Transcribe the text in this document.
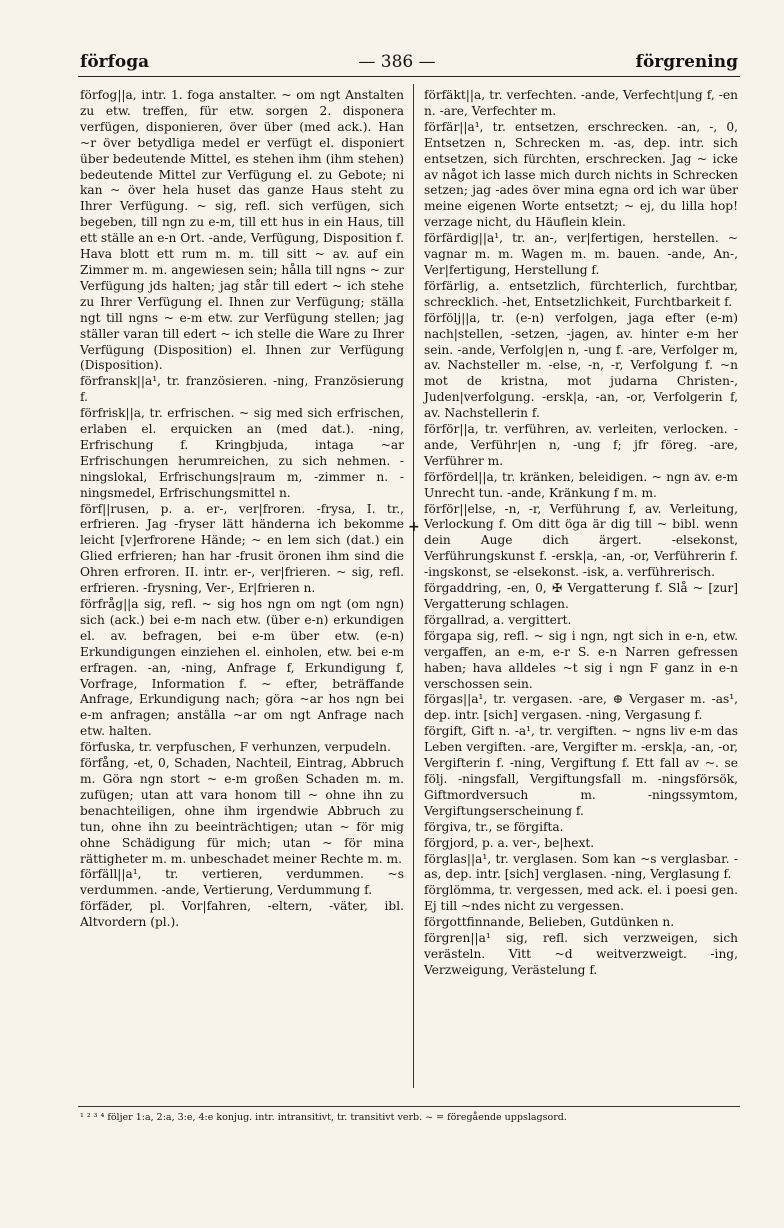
förfoga	— 386 —	förgrening

förfog||a, intr. 1. foga anstalter. ~ om ngt Anstalten zu etw. treffen, für etw. sorgen 2. disponera verfügen, disponieren, över über (med ack.). Han ~r över betydliga medel er verfügt el. disponiert über bedeutende Mittel, es stehen ihm (ihm stehen) bedeutende Mittel zur Verfügung el. zu Gebote; ni kan ~ över hela huset das ganze Haus steht zu Ihrer Verfügung. ~ sig, refl. sich verfügen, sich begeben, till ngn zu e-m, till ett hus in ein Haus, till ett ställe an e-n Ort. -ande, Verfügung, Disposition f. Hava blott ett rum m. m. till sitt ~ av. auf ein Zimmer m. m. angewiesen sein; hålla till ngns ~ zur Verfügung jds halten; jag står till edert ~ ich stehe zu Ihrer Verfügung el. Ihnen zur Verfügung; ställa ngt till ngns ~ e-m etw. zur Verfügung stellen; jag ställer varan till edert ~ ich stelle die Ware zu Ihrer Verfügung (Disposition) el. Ihnen zur Verfügung (Disposition).

förfransk||a¹, tr. französieren. -ning, Französierung f.

förfrisk||a, tr. erfrischen. ~ sig med sich erfrischen, erlaben el. erquicken an (med dat.). -ning, Erfrischung f. Kringbjuda, intaga ~ar Erfrischungen herumreichen, zu sich nehmen. -ningslokal, Erfrischungs|raum m, -zimmer n. -ningsmedel, Erfrischungsmittel n.

förf||rusen, p. a. er-, ver|froren. -frysa, I. tr., erfrieren. Jag -fryser lätt händerna ich bekomme leicht [v]erfrorene Hände; ~ en lem sich (dat.) ein Glied erfrieren; han har -frusit öronen ihm sind die Ohren erfroren. II. intr. er-, ver|frieren. ~ sig, refl. erfrieren. -frysning, Ver-, Er|frieren n.

förfråg||a sig, refl. ~ sig hos ngn om ngt (om ngn) sich (ack.) bei e-m nach etw. (über e-n) erkundigen el. av. befragen, bei e-m über etw. (e-n) Erkundigungen einziehen el. einholen, etw. bei e-m erfragen. -an, -ning, Anfrage f, Erkundigung f, Vorfrage, Information f. ~ efter, beträffande Anfrage, Erkundigung nach; göra ~ar hos ngn bei e-m anfragen; anställa ~ar om ngt Anfrage nach etw. halten.

förfuska, tr. verpfuschen, F verhunzen, verpudeln.

förfång, -et, 0, Schaden, Nachteil, Eintrag, Abbruch m. Göra ngn stort ~ e-m großen Schaden m. m. zufügen; utan att vara honom till ~ ohne ihn zu benachteiligen, ohne ihm irgendwie Abbruch zu tun, ohne ihn zu beeinträchtigen; utan ~ för mig ohne Schädigung für mich; utan ~ för mina rättigheter m. m. unbeschadet meiner Rechte m. m.

förfäll||a¹, tr. vertieren, verdummen. ~s verdummen. -ande, Vertierung, Verdummung f.

förfäder, pl. Vor|fahren, -eltern, -väter, ibl. Altvordern (pl.).

+

förfäkt||a, tr. verfechten. -ande, Verfecht|ung f, -en n. -are, Verfechter m.

förfär||a¹, tr. entsetzen, erschrecken. -an, -, 0, Entsetzen n, Schrecken m. -as, dep. intr. sich entsetzen, sich fürchten, erschrecken. Jag ~ icke av något ich lasse mich durch nichts in Schrecken setzen; jag -ades över mina egna ord ich war über meine eigenen Worte entsetzt; ~ ej, du lilla hop! verzage nicht, du Häuflein klein.

förfärdig||a¹, tr. an-, ver|fertigen, herstellen. ~ vagnar m. m. Wagen m. m. bauen. -ande, An-, Ver|fertigung, Herstellung f.

förfärlig, a. entsetzlich, fürchterlich, furchtbar, schrecklich. -het, Entsetzlichkeit, Furchtbarkeit f.

förfölj||a, tr. (e-n) verfolgen, jaga efter (e-m) nach|stellen, -setzen, -jagen, av. hinter e-m her sein. -ande, Verfolg|en n, -ung f. -are, Verfolger m, av. Nachsteller m. -else, -n, -r, Verfolgung f. ~n mot de kristna, mot judarna Christen-, Juden|verfolgung. -ersk|a, -an, -or, Verfolgerin f, av. Nachstellerin f.

förför||a, tr. verführen, av. verleiten, verlocken. -ande, Verführ|en n, -ung f; jfr föreg. -are, Verführer m.

förfördel||a, tr. kränken, beleidigen. ~ ngn av. e-m Unrecht tun. -ande, Kränkung f m. m.

förför||else, -n, -r, Verführung f, av. Verleitung, Verlockung f. Om ditt öga är dig till ~ bibl. wenn dein Auge dich ärgert. -elsekonst, Verführungskunst f. -ersk|a, -an, -or, Verführerin f. -ingskonst, se -elsekonst. -isk, a. verführerisch.

förgaddring, -en, 0, ✠ Vergatterung f. Slå ~ [zur] Vergatterung schlagen.

förgallrad, a. vergittert.

förgapa sig, refl. ~ sig i ngn, ngt sich in e-n, etw. vergaffen, an e-m, e-r S. e-n Narren gefressen haben; hava alldeles ~t sig i ngn F ganz in e-n verschossen sein.

förgas||a¹, tr. vergasen. -are, ⊕ Vergaser m. -as¹, dep. intr. [sich] vergasen. -ning, Vergasung f.

förgift, Gift n. -a¹, tr. vergiften. ~ ngns liv e-m das Leben vergiften. -are, Vergifter m. -ersk|a, -an, -or, Vergifterin f. -ning, Vergiftung f. Ett fall av ~. se följ. -ningsfall, Vergiftungsfall m. -ningsförsök, Giftmordversuch m. -ningssymtom, Vergiftungserscheinung f.

förgiva, tr., se förgifta.

förgjord, p. a. ver-, be|hext.

förglas||a¹, tr. verglasen. Som kan ~s verglasbar. -as, dep. intr. [sich] verglasen. -ning, Verglasung f.

förglömma, tr. vergessen, med ack. el. i poesi gen. Ej till ~ndes nicht zu vergessen.

förgottfinnande, Belieben, Gutdünken n.

förgren||a¹ sig, refl. sich verzweigen, sich verästeln. Vitt ~d weitverzweigt. -ing, Verzweigung, Verästelung f.

¹ ² ³ ⁴ följer 1:a, 2:a, 3:e, 4:e konjug. intr. intransitivt, tr. transitivt verb. ~ = föregående uppslagsord.
